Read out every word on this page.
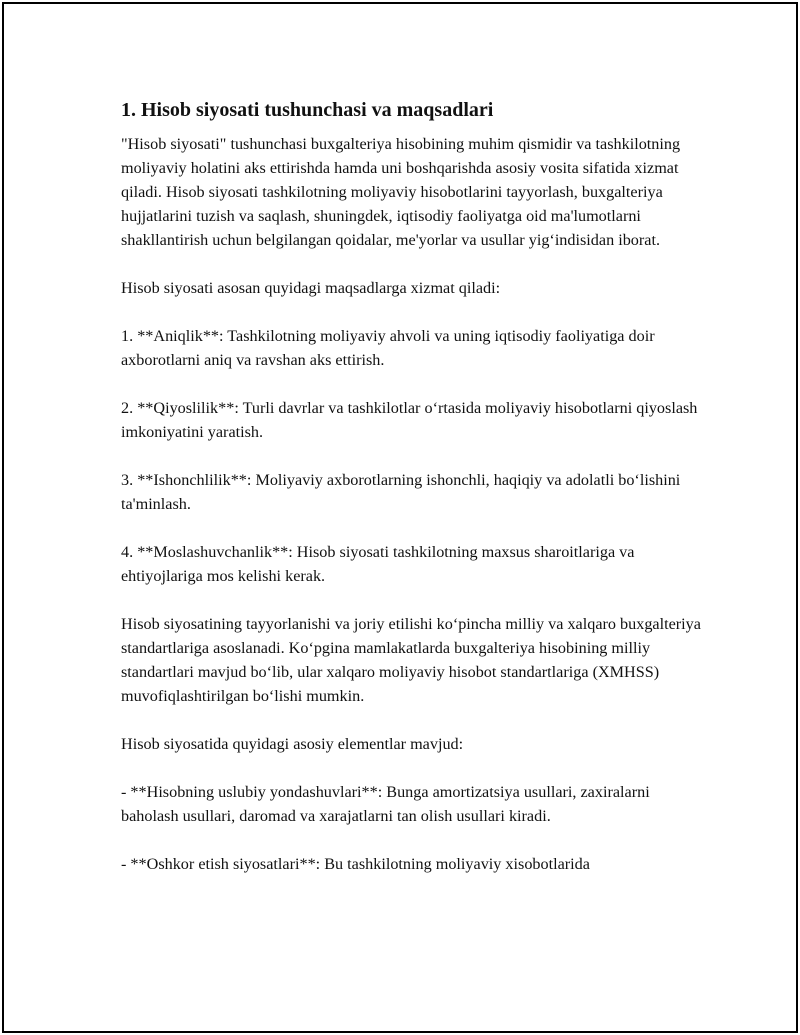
1. Hisob siyosati tushunchasi va maqsadlari

"Hisob siyosati" tushunchasi buxgalteriya hisobining muhim qismidir va tashkilotning moliyaviy holatini aks ettirishda hamda uni boshqarishda asosiy vosita sifatida xizmat qiladi. Hisob siyosati tashkilotning moliyaviy hisobotlarini tayyorlash, buxgalteriya hujjatlarini tuzish va saqlash, shuningdek, iqtisodiy faoliyatga oid ma'lumotlarni shakllantirish uchun belgilangan qoidalar, me'yorlar va usullar yig‘indisidan iborat.

Hisob siyosati asosan quyidagi maqsadlarga xizmat qiladi:

1. **Aniqlik**: Tashkilotning moliyaviy ahvoli va uning iqtisodiy faoliyatiga doir axborotlarni aniq va ravshan aks ettirish.

2. **Qiyoslilik**: Turli davrlar va tashkilotlar o‘rtasida moliyaviy hisobotlarni qiyoslash imkoniyatini yaratish.

3. **Ishonchlilik**: Moliyaviy axborotlarning ishonchli, haqiqiy va adolatli bo‘lishini ta'minlash.

4. **Moslashuvchanlik**: Hisob siyosati tashkilotning maxsus sharoitlariga va ehtiyojlariga mos kelishi kerak.

Hisob siyosatining tayyorlanishi va joriy etilishi ko‘pincha milliy va xalqaro buxgalteriya standartlariga asoslanadi. Ko‘pgina mamlakatlarda buxgalteriya hisobining milliy standartlari mavjud bo‘lib, ular xalqaro moliyaviy hisobot standartlariga (XMHSS) muvofiqlashtirilgan bo‘lishi mumkin.

Hisob siyosatida quyidagi asosiy elementlar mavjud:

- **Hisobning uslubiy yondashuvlari**: Bunga amortizatsiya usullari, zaxiralarni baholash usullari, daromad va xarajatlarni tan olish usullari kiradi.

- **Oshkor etish siyosatlari**: Bu tashkilotning moliyaviy xisobotlarida
